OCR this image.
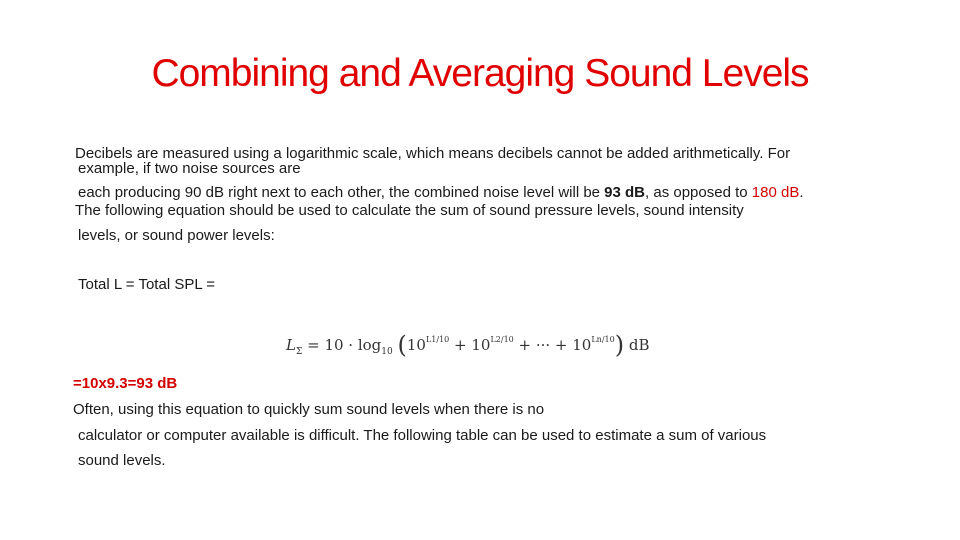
Combining and Averaging Sound Levels
Decibels are measured using a logarithmic scale, which means decibels cannot be added arithmetically. For
example, if two noise sources are
each producing 90 dB right next to each other, the combined noise level will be 93 dB, as opposed to 180 dB.
The following equation should be used to calculate the sum of sound pressure levels, sound intensity
levels, or sound power levels:
Total L = Total SPL =
$L_\Sigma = 10 \cdot \log_{10} (10^{L1/10} + 10^{L2/10}$ + ··· + $10^{Ln/10}$) dB
=10x9.3=93 dB
Often, using this equation to quickly sum sound levels when there is no
calculator or computer available is difficult. The following table can be used to estimate a sum of various
sound levels.
